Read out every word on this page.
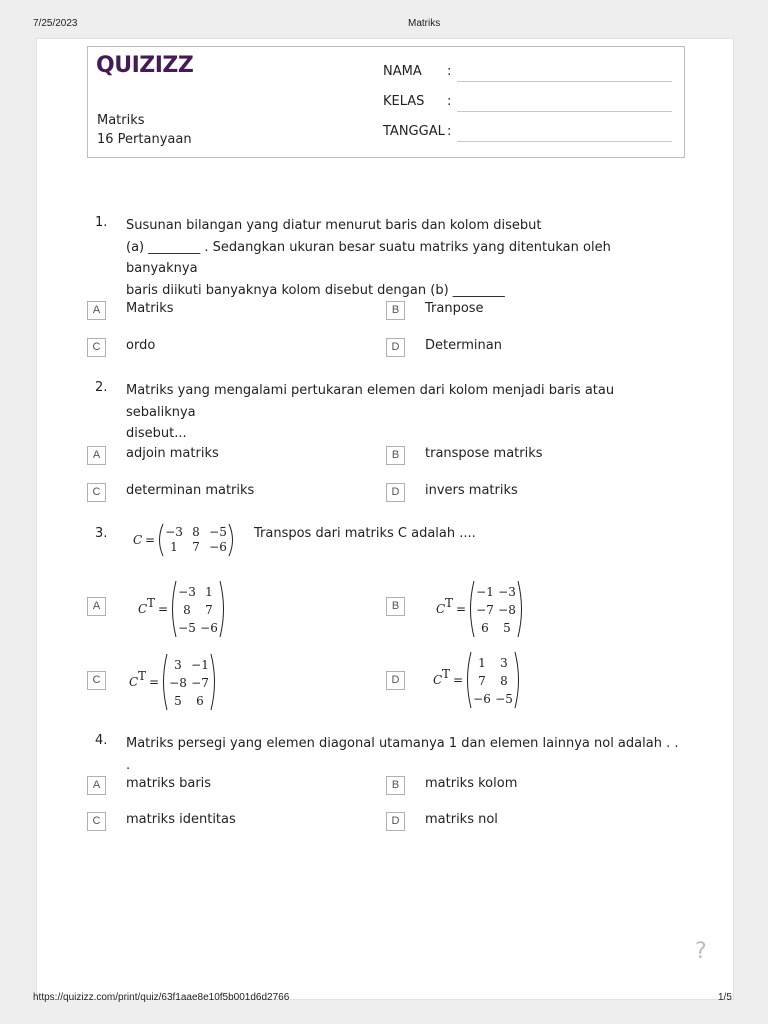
7/25/2023	Matriks
QUIZIZZ
Matriks
16 Pertanyaan
NAMA :
KELAS :
TANGGAL :
1. Susunan bilangan yang diatur menurut baris dan kolom disebut
(a) ________ . Sedangkan ukuran besar suatu matriks yang ditentukan oleh banyaknya
baris diikuti banyaknya kolom disebut dengan (b) ________
A	Matriks	B	Tranpose
C	ordo	D	Determinan
2. Matriks yang mengalami pertukaran elemen dari kolom menjadi baris atau sebaliknya
disebut...
A	adjoin matriks	B	transpose matriks
C	determinan matriks	D	invers matriks
3.	Transpos dari matriks C adalah ....
C =
−3 8 −5
1 7 −6
A	C T =
−3 1
8 7
−5 −6
B	C T =
−1 −3
−7 −8
6 5
C	C T =
3 −1
−8 −7
5 6
D	C T =
1 3
7 8
−6 −5
4. Matriks persegi yang elemen diagonal utamanya 1 dan elemen lainnya nol adalah . . .
A	matriks baris	B	matriks kolom
C	matriks identitas	D	matriks nol
?
https://quizizz.com/print/quiz/63f1aae8e10f5b001d6d2766	1/5
